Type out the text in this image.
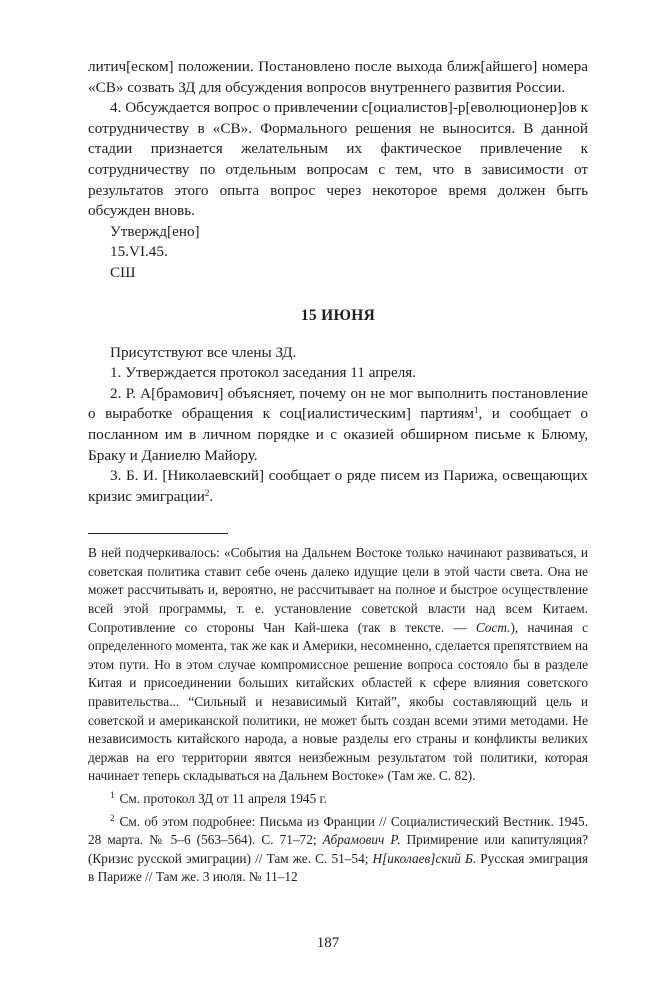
литич[еском] положении. Постановлено после выхода ближ[айшего] номера «СВ» созвать ЗД для обсуждения вопросов внутреннего развития России.

4. Обсуждается вопрос о привлечении с[оциалистов]-р[еволюционер]ов к сотрудничеству в «СВ». Формального решения не выносится. В данной стадии признается желательным их фактическое привлечение к сотрудничеству по отдельным вопросам с тем, что в зависимости от результатов этого опыта вопрос через некоторое время должен быть обсужден вновь.

Утвержд[ено]

15.VI.45.

СШ

15 ИЮНЯ

Присутствуют все члены ЗД.

1. Утверждается протокол заседания 11 апреля.

2. Р. А[брамович] объясняет, почему он не мог выполнить постановление о выработке обращения к соц[иалистическим] партиям$^1$, и сообщает о посланном им в личном порядке и с оказией обширном письме к Блюму, Браку и Даниелю Майору.

3. Б. И. [Николаевский] сообщает о ряде писем из Парижа, освещающих кризис эмиграции$^2$.

В ней подчеркивалось: «События на Дальнем Востоке только начинают развиваться, и советская политика ставит себе очень далеко идущие цели в этой части света. Она не может рассчитывать и, вероятно, не рассчитывает на полное и быстрое осуществление всей этой программы, т. е. установление советской власти над всем Китаем. Сопротивление со стороны Чан Кай-шека (так в тексте. — Сост.), начиная с определенного момента, так же как и Америки, несомненно, сделается препятствием на этом пути. Но в этом случае компромиссное решение вопроса состояло бы в разделе Китая и присоединении больших китайских областей к сфере влияния советского правительства... “Сильный и независимый Китай”, якобы составляющий цель и советской и американской политики, не может быть создан всеми этими методами. Не независимость китайского народа, а новые разделы его страны и конфликты великих держав на его территории явятся неизбежным результатом той политики, которая начинает теперь складываться на Дальнем Востоке» (Там же. С. 82).

$^1$ См. протокол ЗД от 11 апреля 1945 г.

$^2$ См. об этом подробнее: Письма из Франции // Социалистический Вестник. 1945. 28 марта. № 5–6 (563–564). С. 71–72; Абрамович Р. Примирение или капитуляция? (Кризис русской эмиграции) // Там же. С. 51–54; Н[иколаев]ский Б. Русская эмиграция в Париже // Там же. 3 июля. № 11–12

187
